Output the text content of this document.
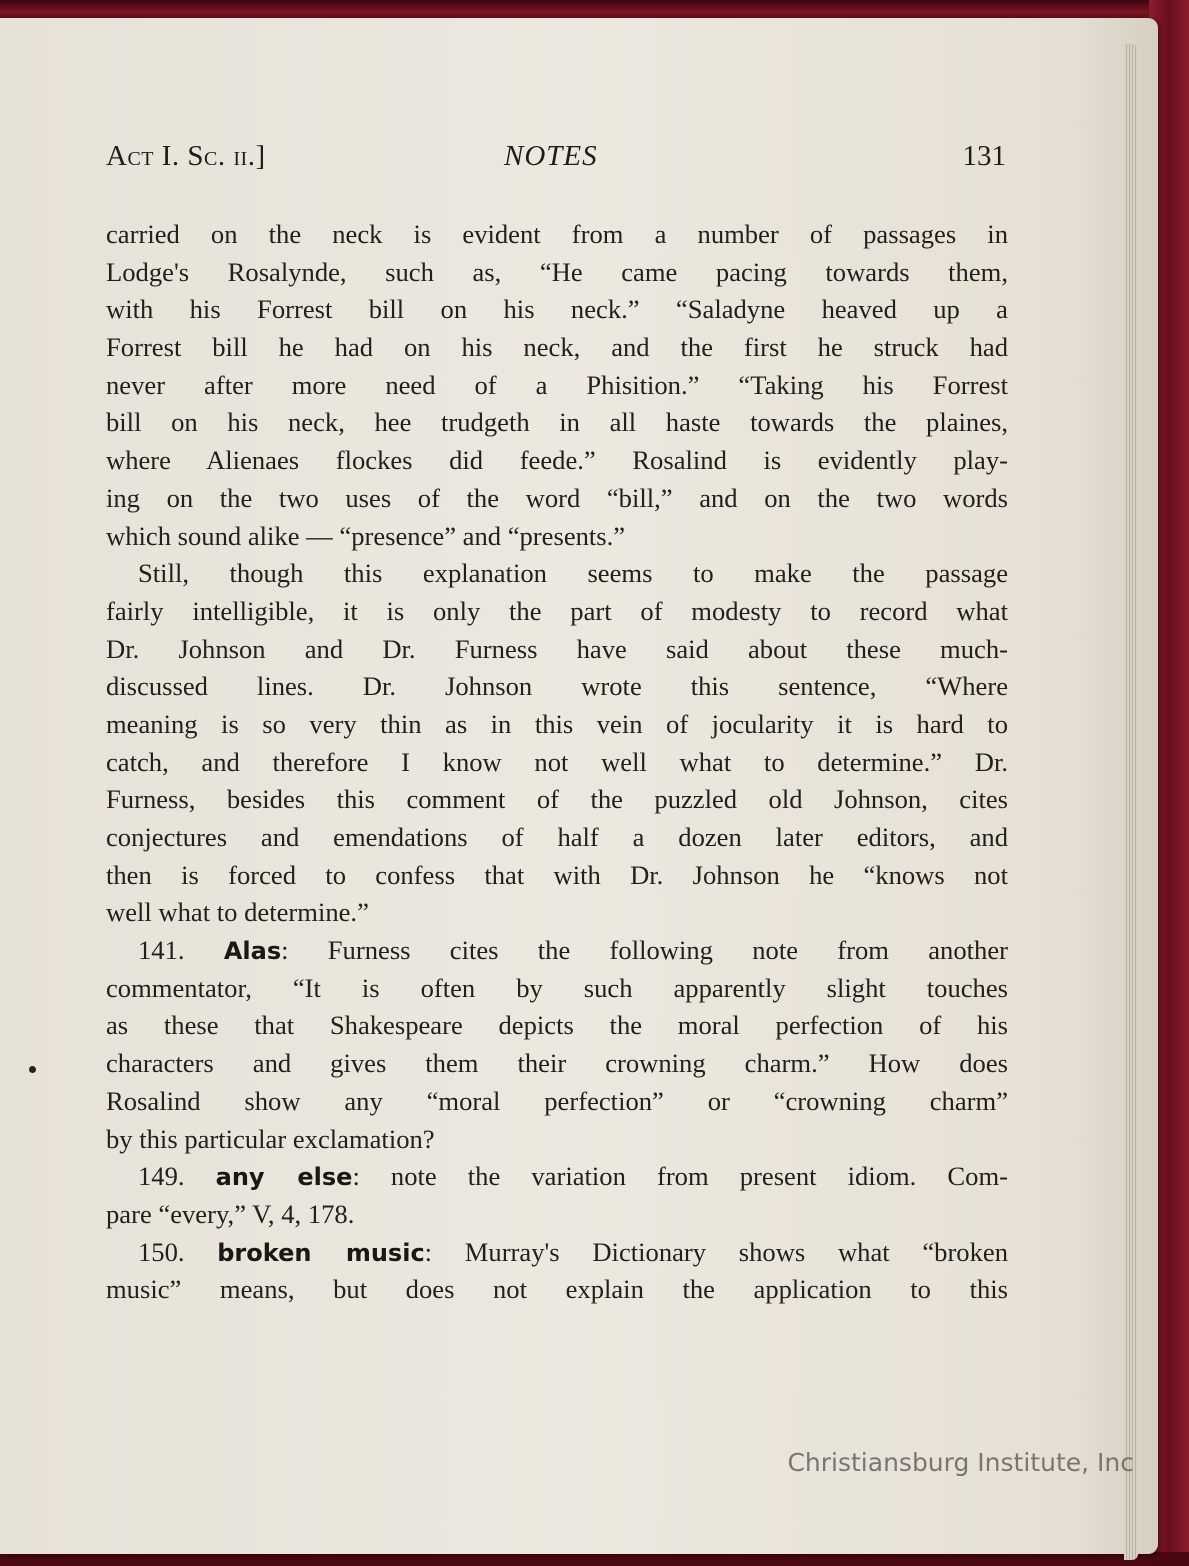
Act I. Sc. ii.]	NOTES	131
carried on the neck is evident from a number of passages in
Lodge's Rosalynde, such as, “He came pacing towards them,
with his Forrest bill on his neck.” “Saladyne heaved up a
Forrest bill he had on his neck, and the first he struck had
never after more need of a Phisition.” “Taking his Forrest
bill on his neck, hee trudgeth in all haste towards the plaines,
where Alienaes flockes did feede.” Rosalind is evidently play-
ing on the two uses of the word “bill,” and on the two words
which sound alike — “presence” and “presents.”
Still, though this explanation seems to make the passage
fairly intelligible, it is only the part of modesty to record what
Dr. Johnson and Dr. Furness have said about these much-
discussed lines. Dr. Johnson wrote this sentence, “Where
meaning is so very thin as in this vein of jocularity it is hard to
catch, and therefore I know not well what to determine.” Dr.
Furness, besides this comment of the puzzled old Johnson, cites
conjectures and emendations of half a dozen later editors, and
then is forced to confess that with Dr. Johnson he “knows not
well what to determine.”
141. Alas: Furness cites the following note from another
commentator, “It is often by such apparently slight touches
as these that Shakespeare depicts the moral perfection of his
characters and gives them their crowning charm.” How does
Rosalind show any “moral perfection” or “crowning charm”
by this particular exclamation?
149. any else: note the variation from present idiom. Com-
pare “every,” V, 4, 178.
150. broken music: Murray's Dictionary shows what “broken
music” means, but does not explain the application to this
Christiansburg Institute, Inc
